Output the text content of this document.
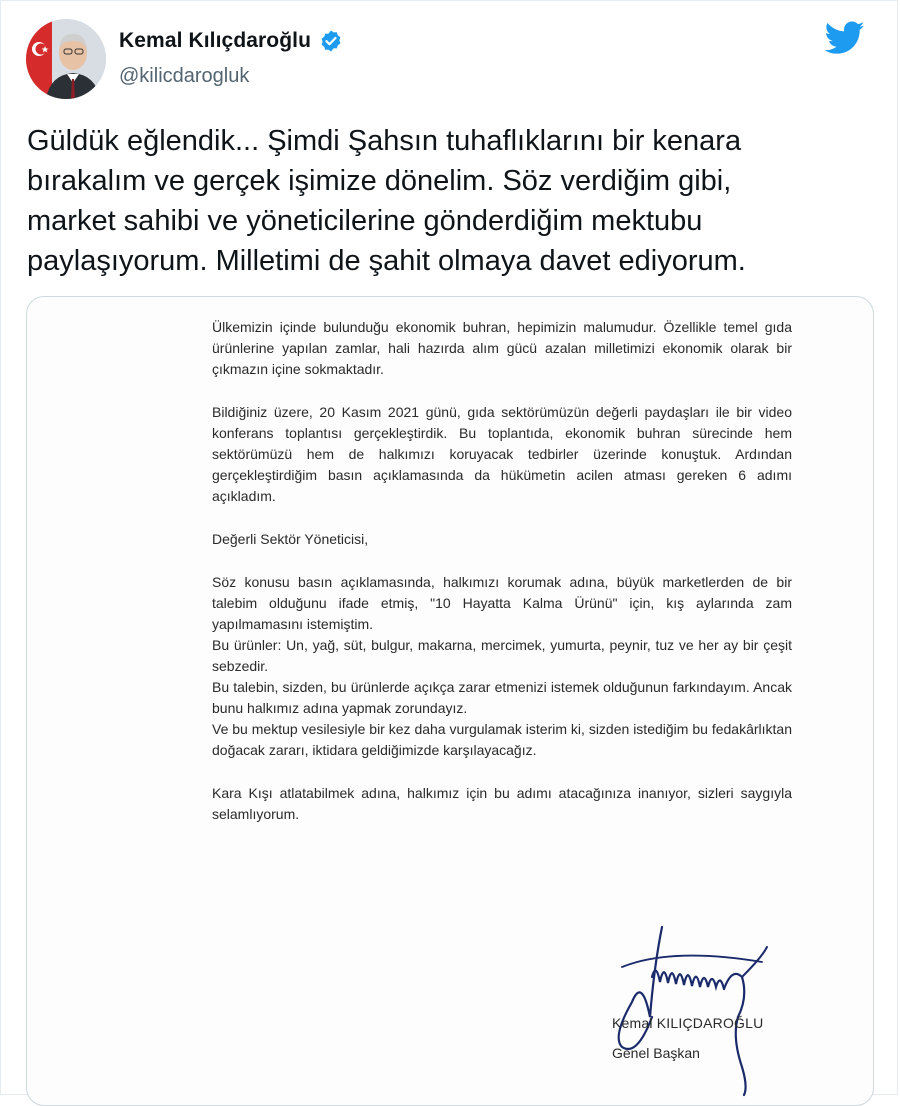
Kemal Kılıçdaroğlu
@kilicdarogluk

Güldük eğlendik... Şimdi Şahsın tuhaflıklarını bir kenara
bırakalım ve gerçek işimize dönelim. Söz verdiğim gibi,
market sahibi ve yöneticilerine gönderdiğim mektubu
paylaşıyorum. Milletimi de şahit olmaya davet ediyorum.

Ülkemizin içinde bulunduğu ekonomik buhran, hepimizin malumudur. Özellikle temel gıda ürünlerine yapılan zamlar, hali hazırda alım gücü azalan milletimizi ekonomik olarak bir çıkmazın içine sokmaktadır.

Bildiğiniz üzere, 20 Kasım 2021 günü, gıda sektörümüzün değerli paydaşları ile bir video konferans toplantısı gerçekleştirdik. Bu toplantıda, ekonomik buhran sürecinde hem sektörümüzü hem de halkımızı koruyacak tedbirler üzerinde konuştuk. Ardından gerçekleştirdiğim basın açıklamasında da hükümetin acilen atması gereken 6 adımı açıkladım.

Değerli Sektör Yöneticisi,

Söz konusu basın açıklamasında, halkımızı korumak adına, büyük marketlerden de bir talebim olduğunu ifade etmiş, "10 Hayatta Kalma Ürünü" için, kış aylarında zam yapılmamasını istemiştim.

Bu ürünler: Un, yağ, süt, bulgur, makarna, mercimek, yumurta, peynir, tuz ve her ay bir çeşit sebzedir.

Bu talebin, sizden, bu ürünlerde açıkça zarar etmenizi istemek olduğunun farkındayım. Ancak bunu halkımız adına yapmak zorundayız.

Ve bu mektup vesilesiyle bir kez daha vurgulamak isterim ki, sizden istediğim bu fedakârlıktan doğacak zararı, iktidara geldiğimizde karşılayacağız.

Kara Kışı atlatabilmek adına, halkımız için bu adımı atacağınıza inanıyor, sizleri saygıyla selamlıyorum.

Kemal KILIÇDAROĞLU
Genel Başkan
